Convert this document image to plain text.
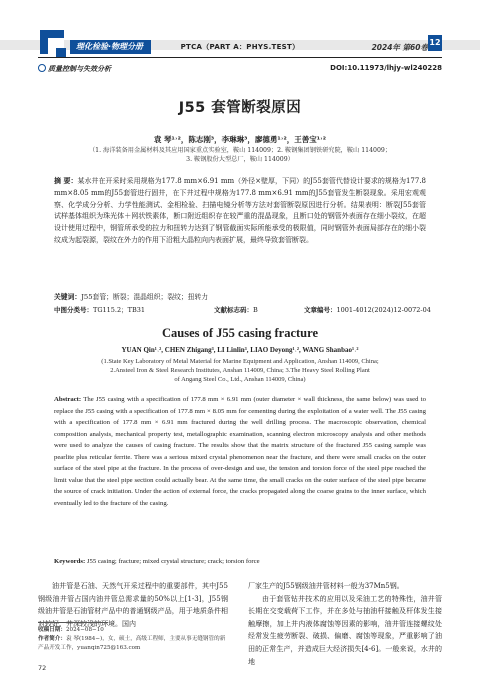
理化检验·物理分册	PTCA（PART A：PHYS.TEST）	2024年 第60卷
12
质量控制与失效分析	DOI:10.11973/lhjy-wl240228
J55 套管断裂原因
袁 琴¹˒²，陈志刚³，李琳琳³，廖德勇¹˒²，王善宝¹˒²
（1. 海洋装备用金属材料及其应用国家重点实验室，鞍山 114009；2. 鞍钢集团钢铁研究院，鞍山 114009；
3. 鞍钢股份大型总厂，鞍山 114009）
摘 要：某水井在开采时采用规格为177.8 mm×6.91 mm（外径×壁厚，下同）的J55套管代替设计要求的规格为177.8 mm×8.05 mm的J55套管进行固井，在下井过程中规格为177.8 mm×6.91 mm的J55套管发生断裂现象。采用宏观观察、化学成分分析、力学性能测试、金相检验、扫描电镜分析等方法对套管断裂原因进行分析。结果表明：断裂J55套管试样基体组织为珠光体＋网状铁素体，断口附近组织存在较严重的混晶现象，且断口处的钢管外表面存在细小裂纹，在超设计使用过程中，钢管所承受的拉力和扭转力达到了钢管截面实际所能承受的极限值，同时钢管外表面局部存在的细小裂纹成为起裂源，裂纹在外力的作用下沿粗大晶粒向内表面扩展，最终导致套管断裂。
关键词：J55套管；断裂；混晶组织；裂纹；扭转力
中图分类号：TG115.2；TB31	文献标志码：B	文章编号：1001-4012(2024)12-0072-04
Causes of J55 casing fracture
YUAN Qin¹˒², CHEN Zhigang³, LI Linlin³, LIAO Deyong¹˒², WANG Shanbao¹˒²
(1.State Key Laboratory of Metal Material for Marine Equipment and Application, Anshan 114009, China;
2.Ansteel Iron & Steel Research Institutes, Anshan 114009, China; 3.The Heavy Steel Rolling Plant
of Angang Steel Co., Ltd., Anshan 114009, China)
Abstract: The J55 casing with a specification of 177.8 mm × 6.91 mm (outer diameter × wall thickness, the same below) was used to replace the J55 casing with a specification of 177.8 mm × 8.05 mm for cementing during the exploitation of a water well. The J55 casing with a specification of 177.8 mm × 6.91 mm fractured during the well drilling process. The macroscopic observation, chemical composition analysis, mechanical property test, metallographic examination, scanning electron microscopy analysis and other methods were used to analyze the causes of casing fracture. The results show that the matrix structure of the fractured J55 casing sample was pearlite plus reticular ferrite. There was a serious mixed crystal phenomenon near the fracture, and there were small cracks on the outer surface of the steel pipe at the fracture. In the process of over-design and use, the tension and torsion force of the steel pipe reached the limit value that the steel pipe section could actually bear. At the same time, the small cracks on the outer surface of the steel pipe became the source of crack initiation. Under the action of external force, the cracks propagated along the coarse grains to the inner surface, which eventually led to the fracture of the casing.
Keywords: J55 casing; fracture; mixed crystal structure; crack; torsion force

油井管是石油、天然气开采过程中的重要部件，其中J55钢级油井管占国内油井管总需求量的50%以上[1-3]，J55钢级油井管是石油管材产品中的普通钢级产品，用于地质条件相对较好、井深较浅的环境。国内

厂家生产的J55钢级油井管材料一般为37Mn5钢。

由于套管钻井技术的应用以及采油工艺的特殊性，油井管长期在交变载荷下工作，并在多处与抽油杆接触及杆体发生接触摩擦，加上井内液体腐蚀等因素的影响，油井管连接螺纹处经常发生疲劳断裂、破损、偏磨、腐蚀等现象，严重影响了油田的正常生产，并造成巨大经济损失[4-6]。一般来说，水井的地

收稿日期：2024−08−10
作者简介：袁 琴(1984−)，女，硕士，高级工程师，主要从事无缝钢管的新产品开发工作，yuanqin725@163.com
72
